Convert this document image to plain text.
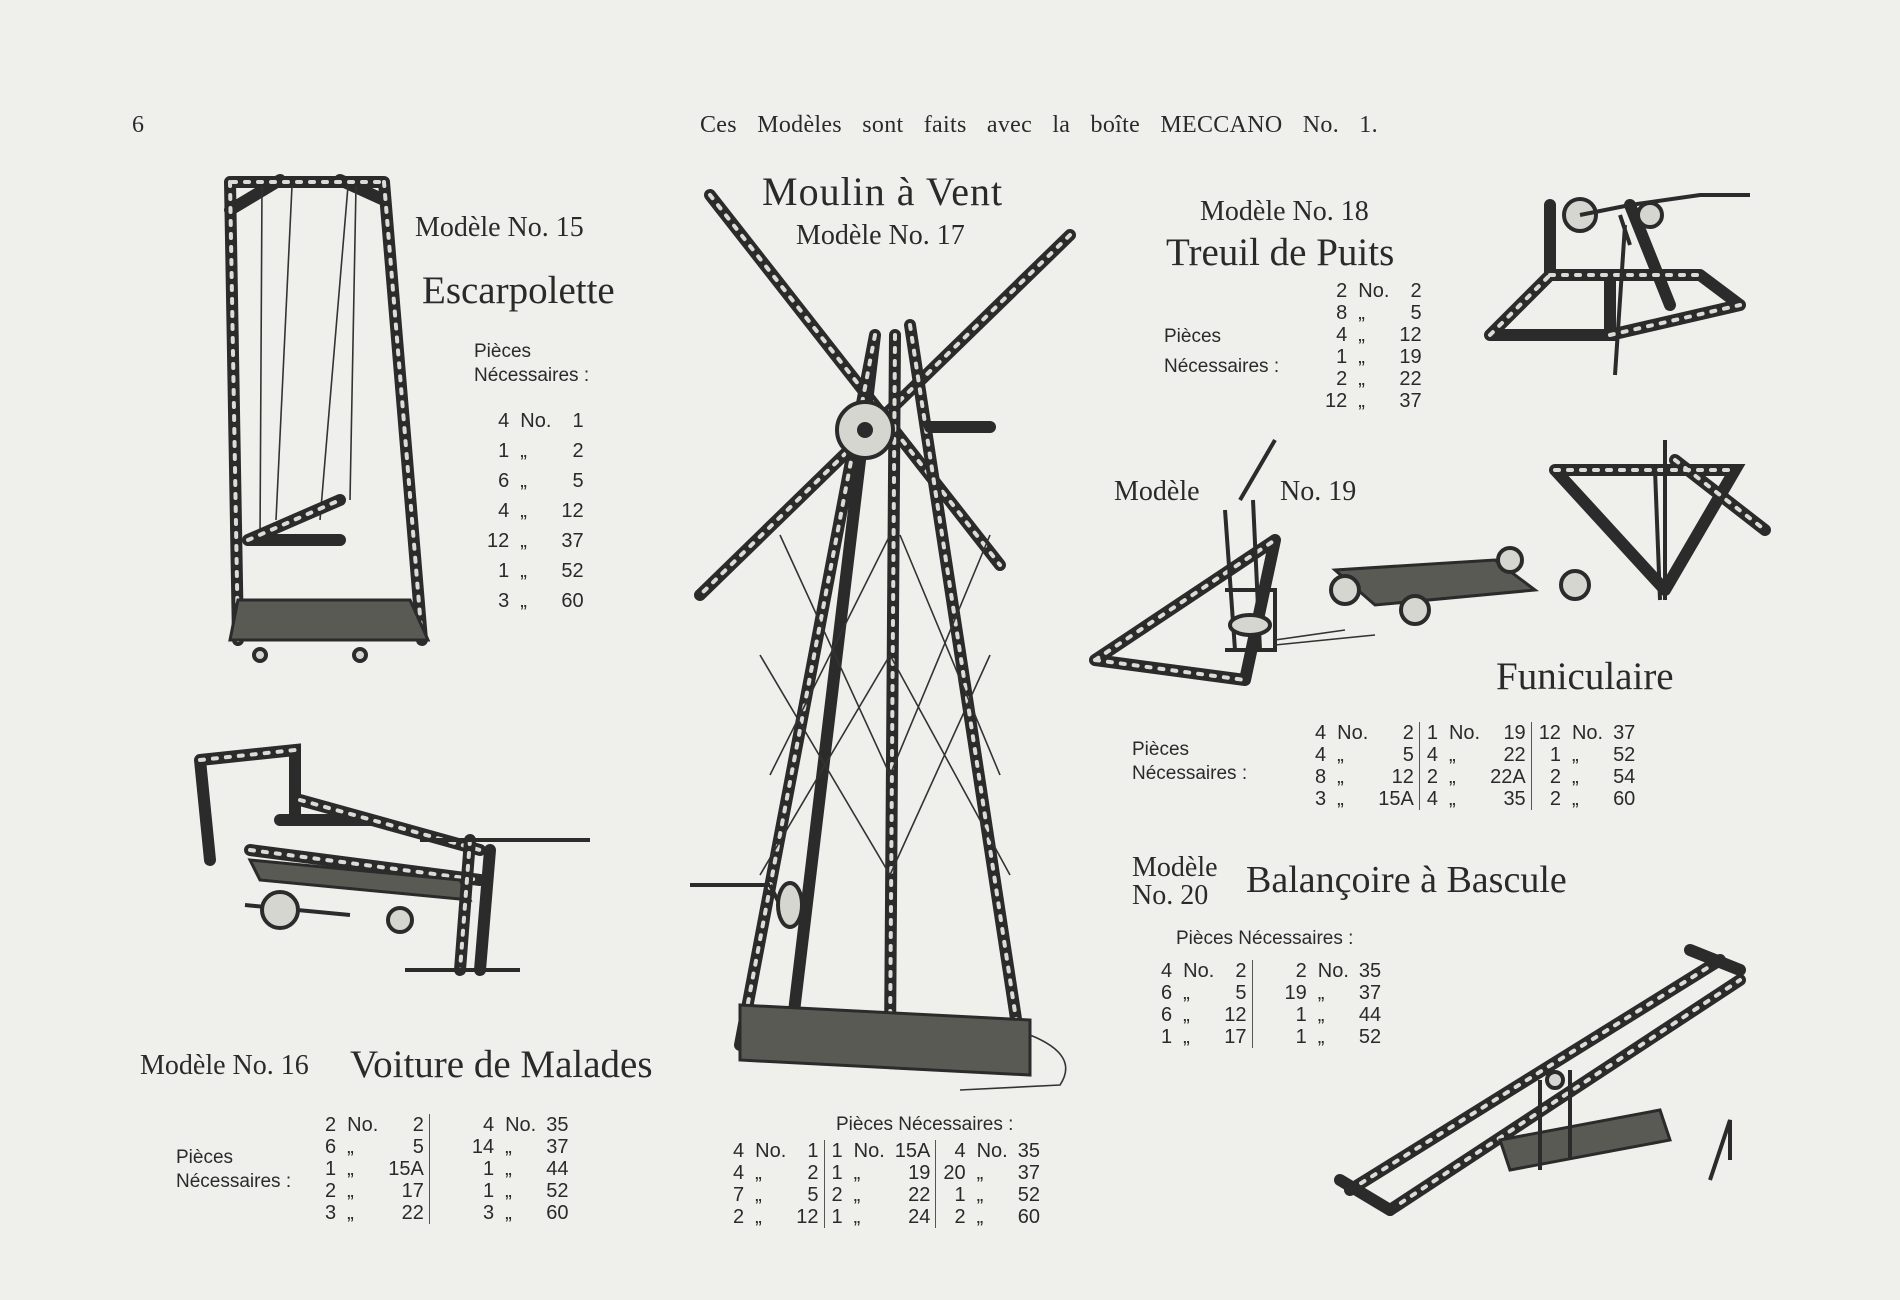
6	Ces Modèles sont faits avec la boîte MECCANO No. 1.
Modèle No. 15
Escarpolette
Pièces
Nécessaires :
4	No.	1
1	„	2
6	„	5
4	„	12
12	„	37
1	„	52
3	„	60
Moulin à Vent
Modèle No. 17
Pièces Nécessaires :
4	No.	1		1	No.	15A		4	No.	35
4	„	2		1	„	19		20	„	37
7	„	5		2	„	22		1	„	52
2	„	12		1	„	24		2	„	60
Modèle No. 18
Treuil de Puits
Pièces
Nécessaires :
2	No.	2
8	„	5
4	„	12
1	„	19
2	„	22
12	„	37
Modèle	No. 19
Funiculaire
Pièces
Nécessaires :
4	No.	2		1	No.	19		12	No.	37
4	„	5		4	„	22		1	„	52
8	„	12		2	„	22A		2	„	54
3	„	15A		4	„	35		2	„	60
Modèle
No. 20 Balançoire à Bascule
Pièces Nécessaires :
4	No.	2		2	No.	35
6	„	5		19	„	37
6	„	12		1	„	44
1	„	17		1	„	52
Modèle No. 16 Voiture de Malades
Pièces
Nécessaires :
2	No.	2		4	No.	35
6	„	5		14	„	37
1	„	15A		1	„	44
2	„	17		1	„	52
3	„	22		3	„	60
